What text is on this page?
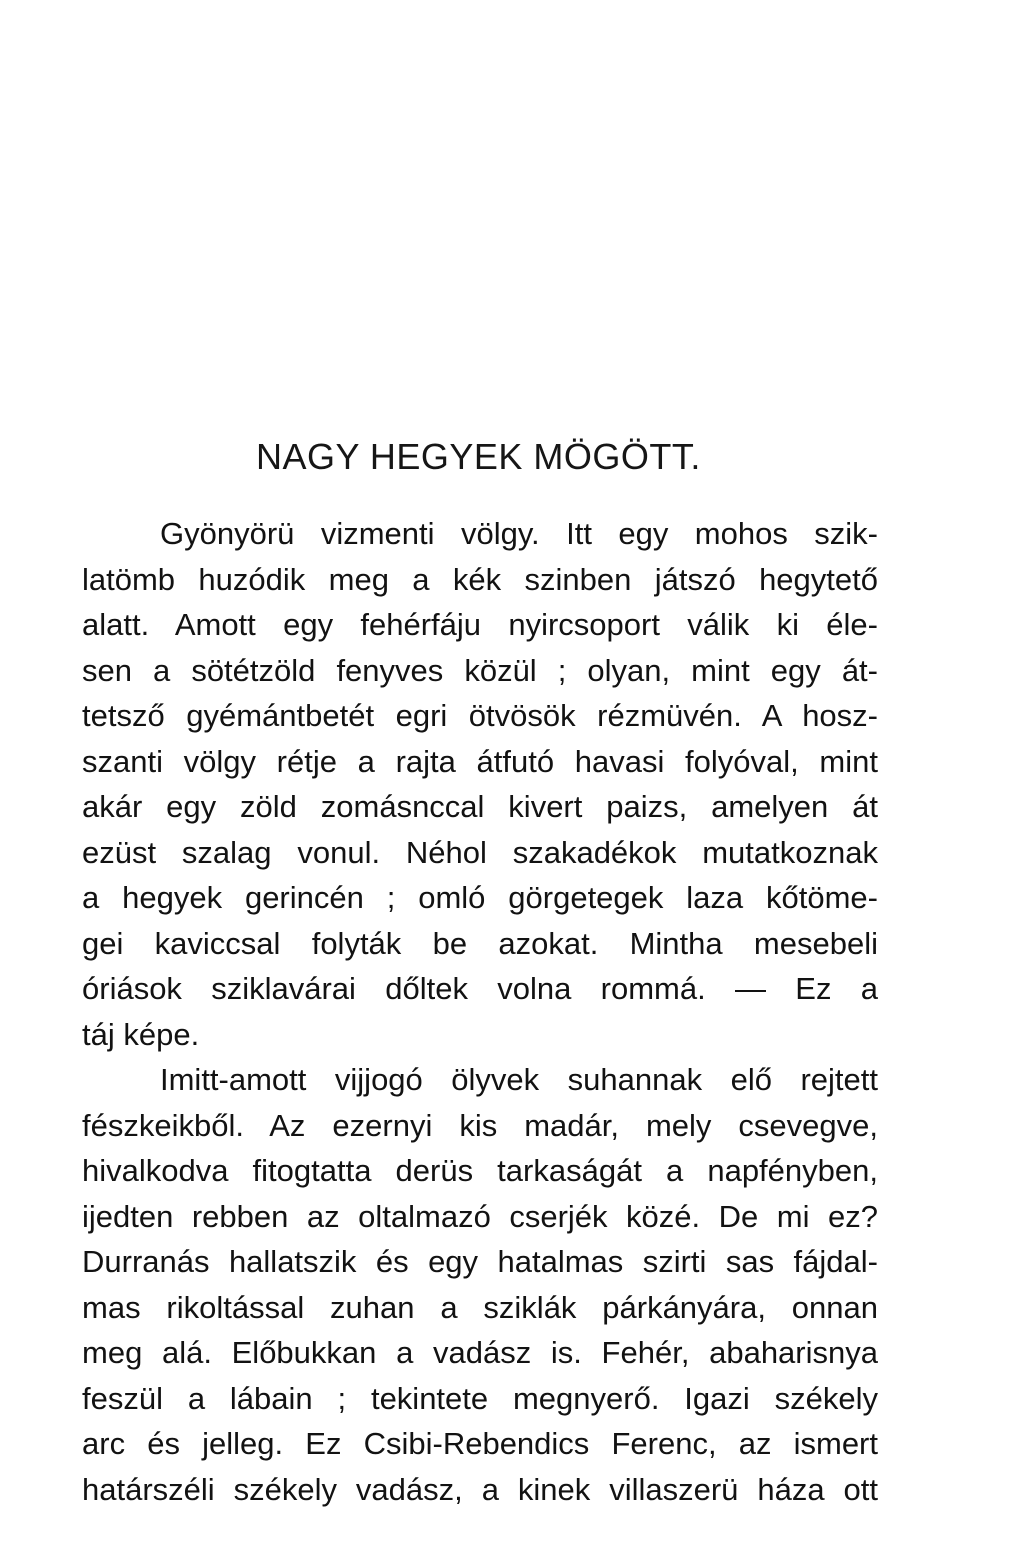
NAGY HEGYEK MÖGÖTT.
Gyönyörü vizmenti völgy. Itt egy mohos szik-
latömb huzódik meg a kék szinben játszó hegytető
alatt. Amott egy fehérfáju nyircsoport válik ki éle-
sen a sötétzöld fenyves közül ; olyan, mint egy át-
tetsző gyémántbetét egri ötvösök rézmüvén. A hosz-
szanti völgy rétje a rajta átfutó havasi folyóval, mint
akár egy zöld zomásnccal kivert paizs, amelyen át
ezüst szalag vonul. Néhol szakadékok mutatkoznak
a hegyek gerincén ; omló görgetegek laza kőtöme-
gei kaviccsal folyták be azokat. Mintha mesebeli
óriások sziklavárai dőltek volna rommá. — Ez a
táj képe.
Imitt-amott vijjogó ölyvek suhannak elő rejtett
fészkeikből. Az ezernyi kis madár, mely csevegve,
hivalkodva fitogtatta derüs tarkaságát a napfényben,
ijedten rebben az oltalmazó cserjék közé. De mi ez?
Durranás hallatszik és egy hatalmas szirti sas fájdal-
mas rikoltással zuhan a sziklák párkányára, onnan
meg alá. Előbukkan a vadász is. Fehér, abaharisnya
feszül a lábain ; tekintete megnyerő. Igazi székely
arc és jelleg. Ez Csibi-Rebendics Ferenc, az ismert
határszéli székely vadász, a kinek villaszerü háza ott
